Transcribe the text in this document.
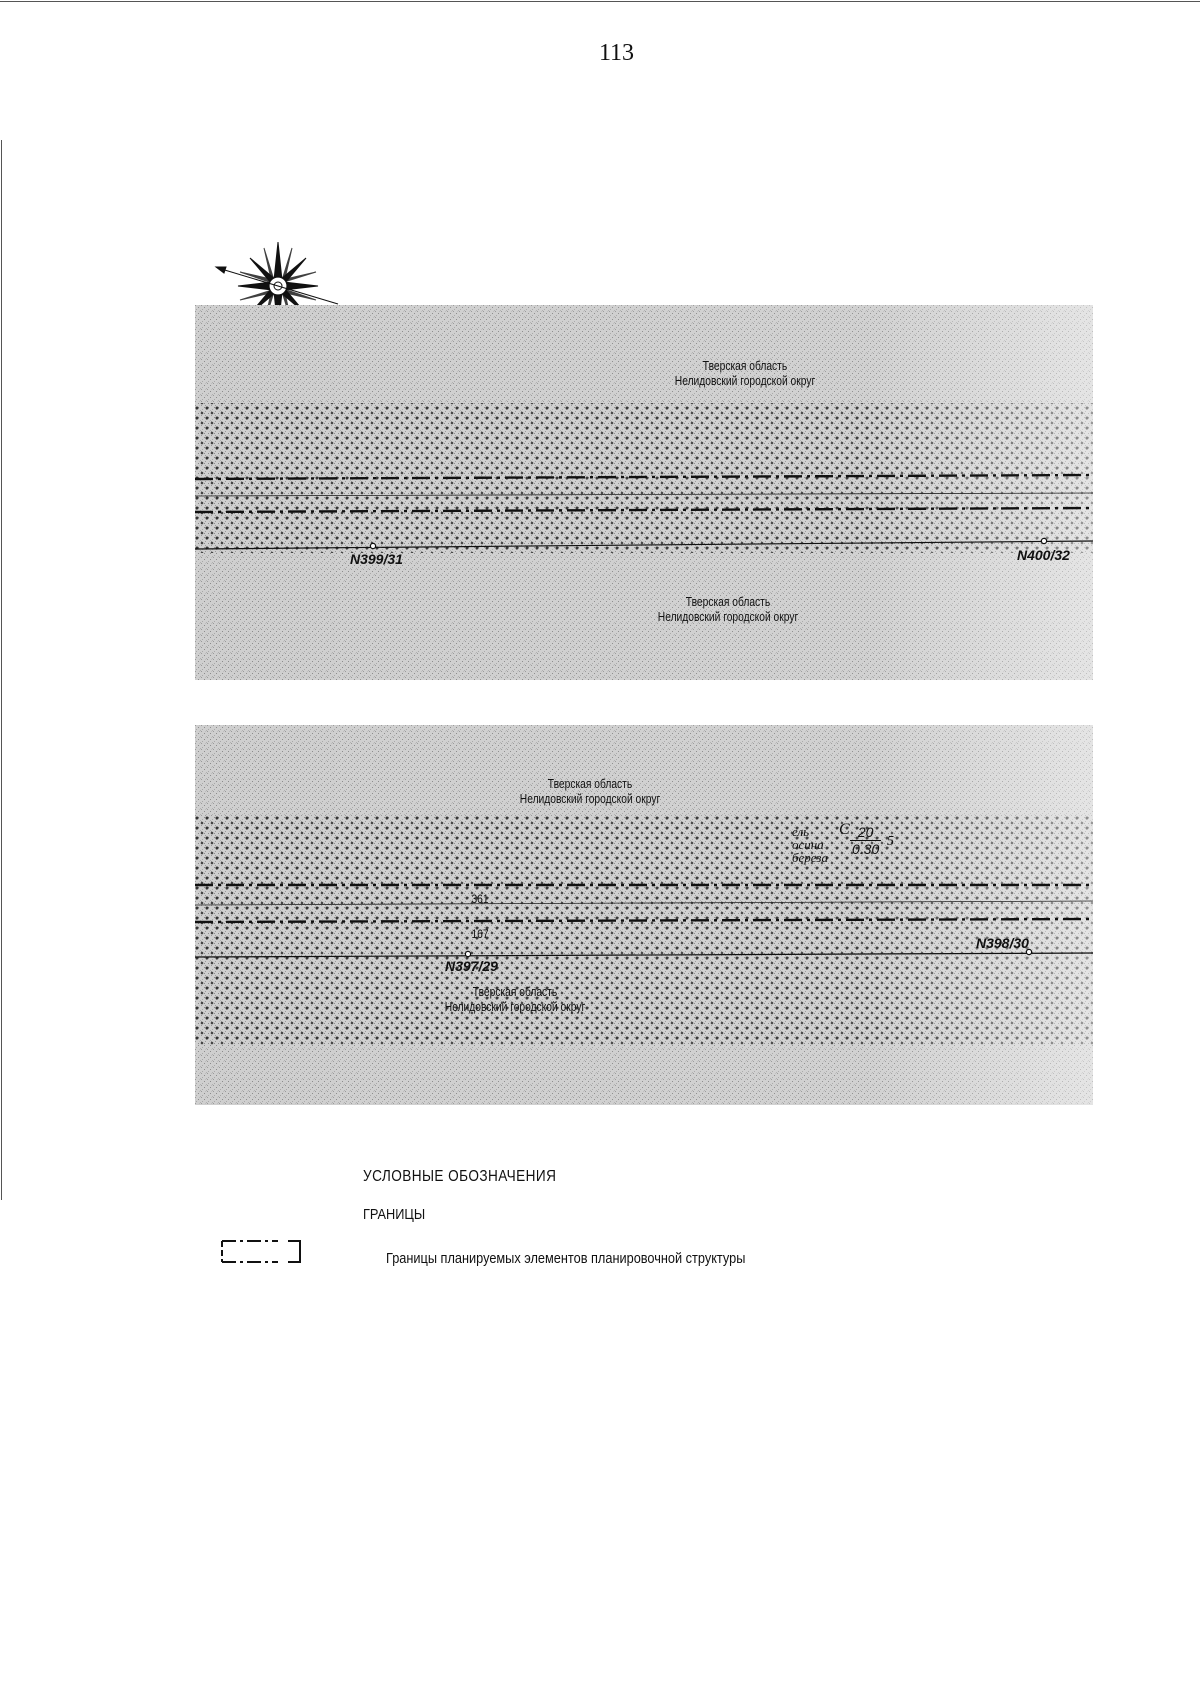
113
Тверская область
Нелидовский городской округ
N399/31	N400/32
Тверская область
Нелидовский городской округ
Тверская область
Нелидовский городской округ
ель
осина
береза
С $\frac{20}{0.30} 5$
361
167
N397/29
N398/30
Тверская область
Нелидовский городской округ
УСЛОВНЫЕ ОБОЗНАЧЕНИЯ
ГРАНИЦЫ
Границы планируемых элементов планировочной структуры
